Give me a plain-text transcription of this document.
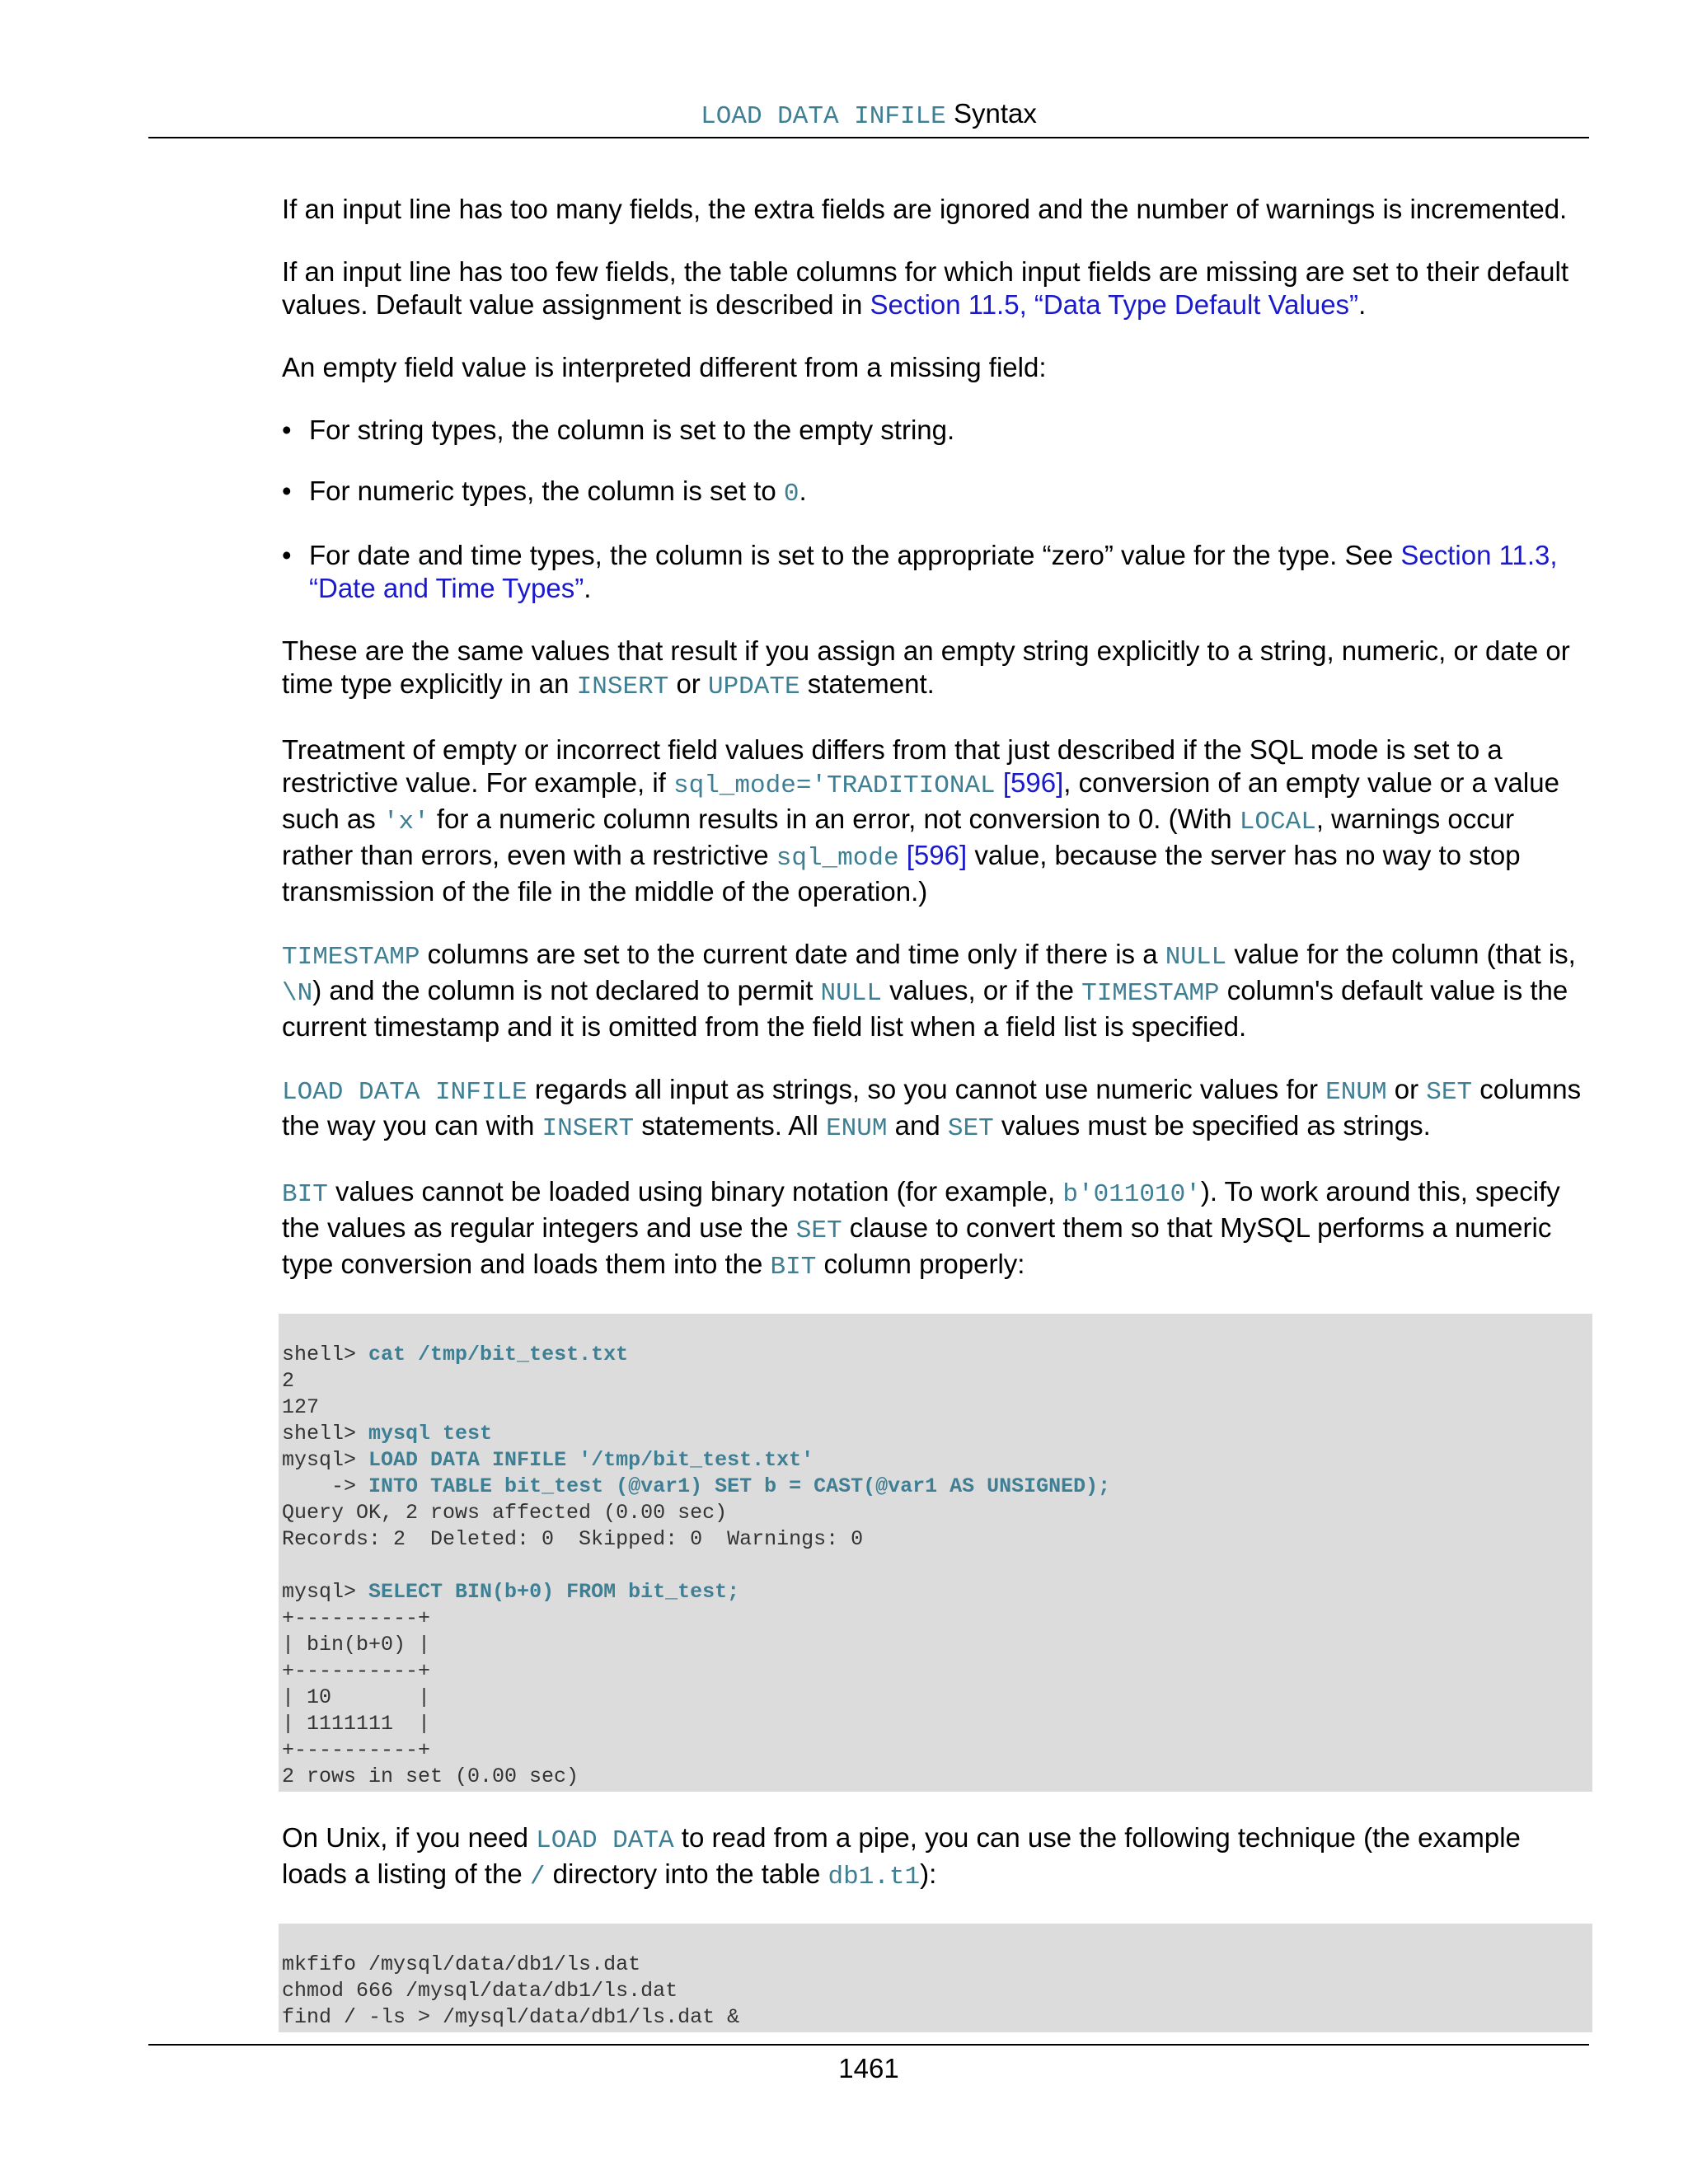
LOAD DATA INFILE Syntax

If an input line has too many fields, the extra fields are ignored and the number of warnings is incremented.

If an input line has too few fields, the table columns for which input fields are missing are set to their default values. Default value assignment is described in Section 11.5, “Data Type Default Values”.

An empty field value is interpreted different from a missing field:

• For string types, the column is set to the empty string.
• For numeric types, the column is set to 0.
• For date and time types, the column is set to the appropriate “zero” value for the type. See Section 11.3, “Date and Time Types”.

These are the same values that result if you assign an empty string explicitly to a string, numeric, or date or time type explicitly in an INSERT or UPDATE statement.

Treatment of empty or incorrect field values differs from that just described if the SQL mode is set to a restrictive value. For example, if sql_mode='TRADITIONAL [596], conversion of an empty value or a value such as 'x' for a numeric column results in an error, not conversion to 0. (With LOCAL, warnings occur rather than errors, even with a restrictive sql_mode [596] value, because the server has no way to stop transmission of the file in the middle of the operation.)

TIMESTAMP columns are set to the current date and time only if there is a NULL value for the column (that is, \N) and the column is not declared to permit NULL values, or if the TIMESTAMP column's default value is the current timestamp and it is omitted from the field list when a field list is specified.

LOAD DATA INFILE regards all input as strings, so you cannot use numeric values for ENUM or SET columns the way you can with INSERT statements. All ENUM and SET values must be specified as strings.

BIT values cannot be loaded using binary notation (for example, b'011010'). To work around this, specify the values as regular integers and use the SET clause to convert them so that MySQL performs a numeric type conversion and loads them into the BIT column properly:

shell> cat /tmp/bit_test.txt
2
127
shell> mysql test
mysql> LOAD DATA INFILE '/tmp/bit_test.txt'
-> INTO TABLE bit_test (@var1) SET b = CAST(@var1 AS UNSIGNED);
Query OK, 2 rows affected (0.00 sec)
Records: 2  Deleted: 0  Skipped: 0  Warnings: 0
mysql> SELECT BIN(b+0) FROM bit_test;
+----------+
| bin(b+0) |
+----------+
| 10       |
| 1111111  |
+----------+
2 rows in set (0.00 sec)

On Unix, if you need LOAD DATA to read from a pipe, you can use the following technique (the example loads a listing of the / directory into the table db1.t1):

mkfifo /mysql/data/db1/ls.dat
chmod 666 /mysql/data/db1/ls.dat
find / -ls > /mysql/data/db1/ls.dat &
1461
